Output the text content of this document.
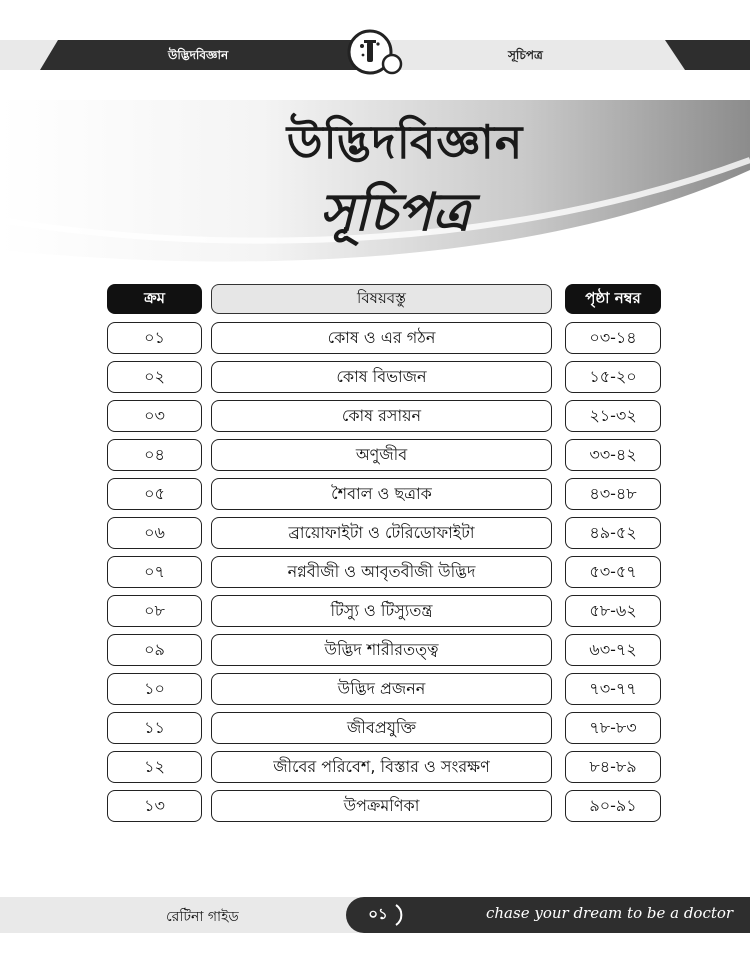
উদ্ভিদবিজ্ঞান	সূচিপত্র
উদ্ভিদবিজ্ঞান
সূচিপত্র
ক্রম	বিষয়বস্তু	পৃষ্ঠা নম্বর
০১	কোষ ও এর গঠন	০৩-১৪
০২	কোষ বিভাজন	১৫-২০
০৩	কোষ রসায়ন	২১-৩২
০৪	অণুজীব	৩৩-৪২
০৫	শৈবাল ও ছত্রাক	৪৩-৪৮
০৬	ব্রায়োফাইটা ও টেরিডোফাইটা	৪৯-৫২
০৭	নগ্নবীজী ও আবৃতবীজী উদ্ভিদ	৫৩-৫৭
০৮	টিস্যু ও টিস্যুতন্ত্র	৫৮-৬২
০৯	উদ্ভিদ শারীরতত্ত্ব	৬৩-৭২
১০	উদ্ভিদ প্রজনন	৭৩-৭৭
১১	জীবপ্রযুক্তি	৭৮-৮৩
১২	জীবের পরিবেশ, বিস্তার ও সংরক্ষণ	৮৪-৮৯
১৩	উপক্রমণিকা	৯০-৯১
রেটিনা গাইড	০১	chase your dream to be a doctor
